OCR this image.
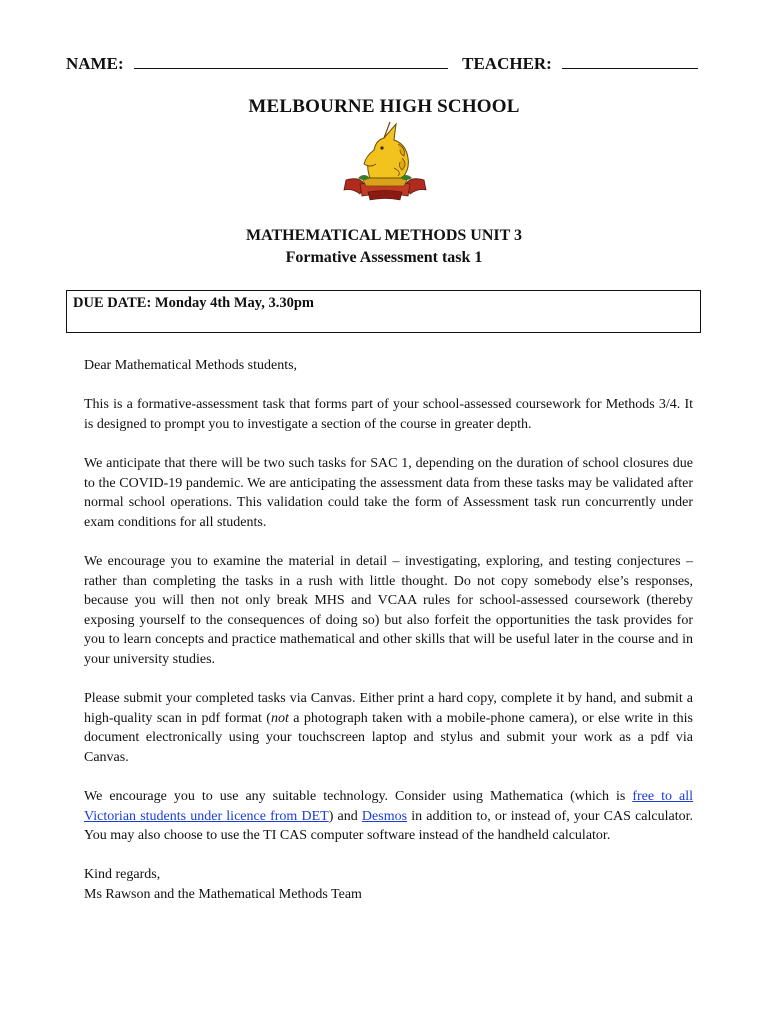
NAME:	TEACHER:
MELBOURNE HIGH SCHOOL
MATHEMATICAL METHODS UNIT 3
Formative Assessment task 1
DUE DATE: Monday 4th May, 3.30pm

Dear Mathematical Methods students,

This is a formative-assessment task that forms part of your school-assessed coursework for Methods 3/4. It is designed to prompt you to investigate a section of the course in greater depth.

We anticipate that there will be two such tasks for SAC 1, depending on the duration of school closures due to the COVID-19 pandemic. We are anticipating the assessment data from these tasks may be validated after normal school operations. This validation could take the form of Assessment task run concurrently under exam conditions for all students.

We encourage you to examine the material in detail – investigating, exploring, and testing conjectures – rather than completing the tasks in a rush with little thought. Do not copy somebody else’s responses, because you will then not only break MHS and VCAA rules for school-assessed coursework (thereby exposing yourself to the consequences of doing so) but also forfeit the opportunities the task provides for you to learn concepts and practice mathematical and other skills that will be useful later in the course and in your university studies.

Please submit your completed tasks via Canvas. Either print a hard copy, complete it by hand, and submit a high-quality scan in pdf format (not a photograph taken with a mobile-phone camera), or else write in this document electronically using your touchscreen laptop and stylus and submit your work as a pdf via Canvas.

We encourage you to use any suitable technology. Consider using Mathematica (which is free to all Victorian students under licence from DET) and Desmos in addition to, or instead of, your CAS calculator. You may also choose to use the TI CAS computer software instead of the handheld calculator.

Kind regards,

Ms Rawson and the Mathematical Methods Team
